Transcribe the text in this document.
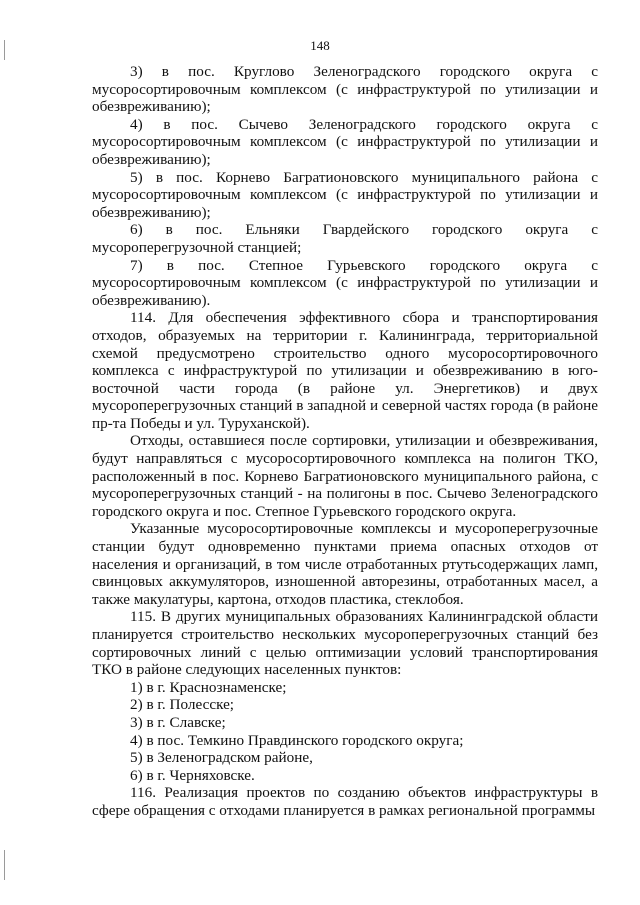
148

3) в пос. Круглово Зеленоградского городского округа с мусоросортировочным комплексом (с инфраструктурой по утилизации и обезвреживанию);

4) в пос. Сычево Зеленоградского городского округа с мусоросортировочным комплексом (с инфраструктурой по утилизации и обезвреживанию);

5) в пос. Корнево Багратионовского муниципального района с мусоросортировочным комплексом (с инфраструктурой по утилизации и обезвреживанию);

6) в пос. Ельняки Гвардейского городского округа с мусороперегрузочной станцией;

7) в пос. Степное Гурьевского городского округа с мусоросортировочным комплексом (с инфраструктурой по утилизации и обезвреживанию).

114. Для обеспечения эффективного сбора и транспортирования отходов, образуемых на территории г. Калининграда, территориальной схемой предусмотрено строительство одного мусоросортировочного комплекса с инфраструктурой по утилизации и обезвреживанию в юго-восточной части города (в районе ул. Энергетиков) и двух мусороперегрузочных станций в западной и северной частях города (в районе пр-та Победы и ул. Туруханской).

Отходы, оставшиеся после сортировки, утилизации и обезвреживания, будут направляться с мусоросортировочного комплекса на полигон ТКО, расположенный в пос. Корнево Багратионовского муниципального района, с мусороперегрузочных станций - на полигоны в пос. Сычево Зеленоградского городского округа и пос. Степное Гурьевского городского округа.

Указанные мусоросортировочные комплексы и мусороперегрузочные станции будут одновременно пунктами приема опасных отходов от населения и организаций, в том числе отработанных ртутьсодержащих ламп, свинцовых аккумуляторов, изношенной авторезины, отработанных масел, а также макулатуры, картона, отходов пластика, стеклобоя.

115. В других муниципальных образованиях Калининградской области планируется строительство нескольких мусороперегрузочных станций без сортировочных линий с целью оптимизации условий транспортирования ТКО в районе следующих населенных пунктов:

1) в г. Краснознаменске;

2) в г. Полесске;

3) в г. Славске;

4) в пос. Темкино Правдинского городского округа;

5) в Зеленоградском районе,

6) в г. Черняховске.

116. Реализация проектов по созданию объектов инфраструктуры в сфере обращения с отходами планируется в рамках региональной программы
